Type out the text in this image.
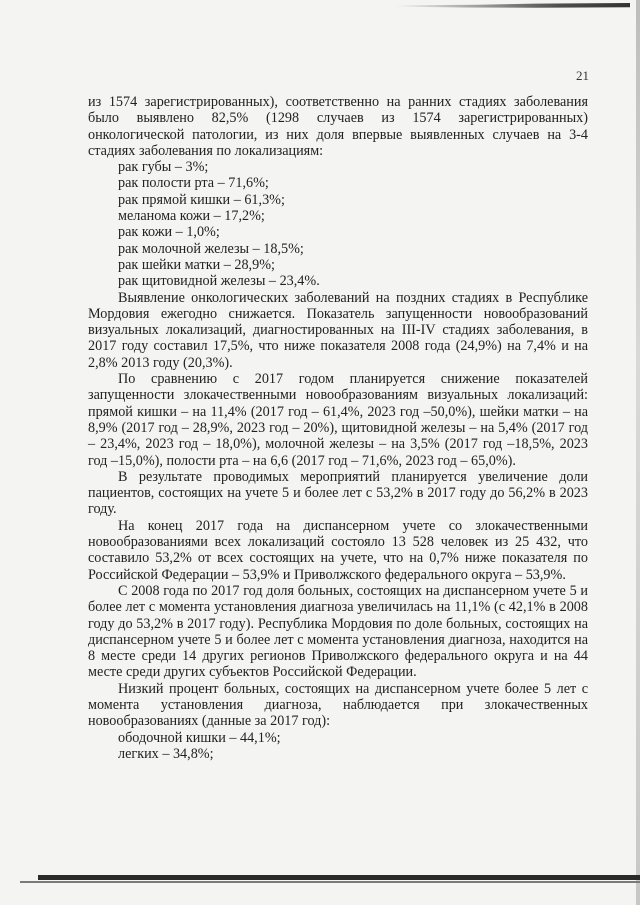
21

из 1574 зарегистрированных), соответственно на ранних стадиях заболевания было выявлено 82,5% (1298 случаев из 1574 зарегистрированных) онкологической патологии, из них доля впервые выявленных случаев на 3-4 стадиях заболевания по локализациям:

рак губы – 3%;
рак полости рта – 71,6%;
рак прямой кишки – 61,3%;
меланома кожи – 17,2%;
рак кожи – 1,0%;
рак молочной железы – 18,5%;
рак шейки матки – 28,9%;
рак щитовидной железы – 23,4%.

Выявление онкологических заболеваний на поздних стадиях в Республике Мордовия ежегодно снижается. Показатель запущенности новообразований визуальных локализаций, диагностированных на III-IV стадиях заболевания, в 2017 году составил 17,5%, что ниже показателя 2008 года (24,9%) на 7,4% и на 2,8% 2013 году (20,3%).

По сравнению с 2017 годом планируется снижение показателей запущенности злокачественными новообразованиям визуальных локализаций: прямой кишки – на 11,4% (2017 год – 61,4%, 2023 год –50,0%), шейки матки – на 8,9% (2017 год – 28,9%, 2023 год – 20%), щитовидной железы – на 5,4% (2017 год – 23,4%, 2023 год – 18,0%), молочной железы – на 3,5% (2017 год –18,5%, 2023 год –15,0%), полости рта – на 6,6 (2017 год – 71,6%, 2023 год – 65,0%).

В результате проводимых мероприятий планируется увеличение доли пациентов, состоящих на учете 5 и более лет с 53,2% в 2017 году до 56,2% в 2023 году.

На конец 2017 года на диспансерном учете со злокачественными новообразованиями всех локализаций состояло 13 528 человек из 25 432, что составило 53,2% от всех состоящих на учете, что на 0,7% ниже показателя по Российской Федерации – 53,9% и Приволжского федерального округа – 53,9%.

С 2008 года по 2017 год доля больных, состоящих на диспансерном учете 5 и более лет с момента установления диагноза увеличилась на 11,1% (с 42,1% в 2008 году до 53,2% в 2017 году). Республика Мордовия по доле больных, состоящих на диспансерном учете 5 и более лет с момента установления диагноза, находится на 8 месте среди 14 других регионов Приволжского федерального округа и на 44 месте среди других субъектов Российской Федерации.

Низкий процент больных, состоящих на диспансерном учете более 5 лет с момента установления диагноза, наблюдается при злокачественных новообразованиях (данные за 2017 год):

ободочной кишки – 44,1%;
легких – 34,8%;
